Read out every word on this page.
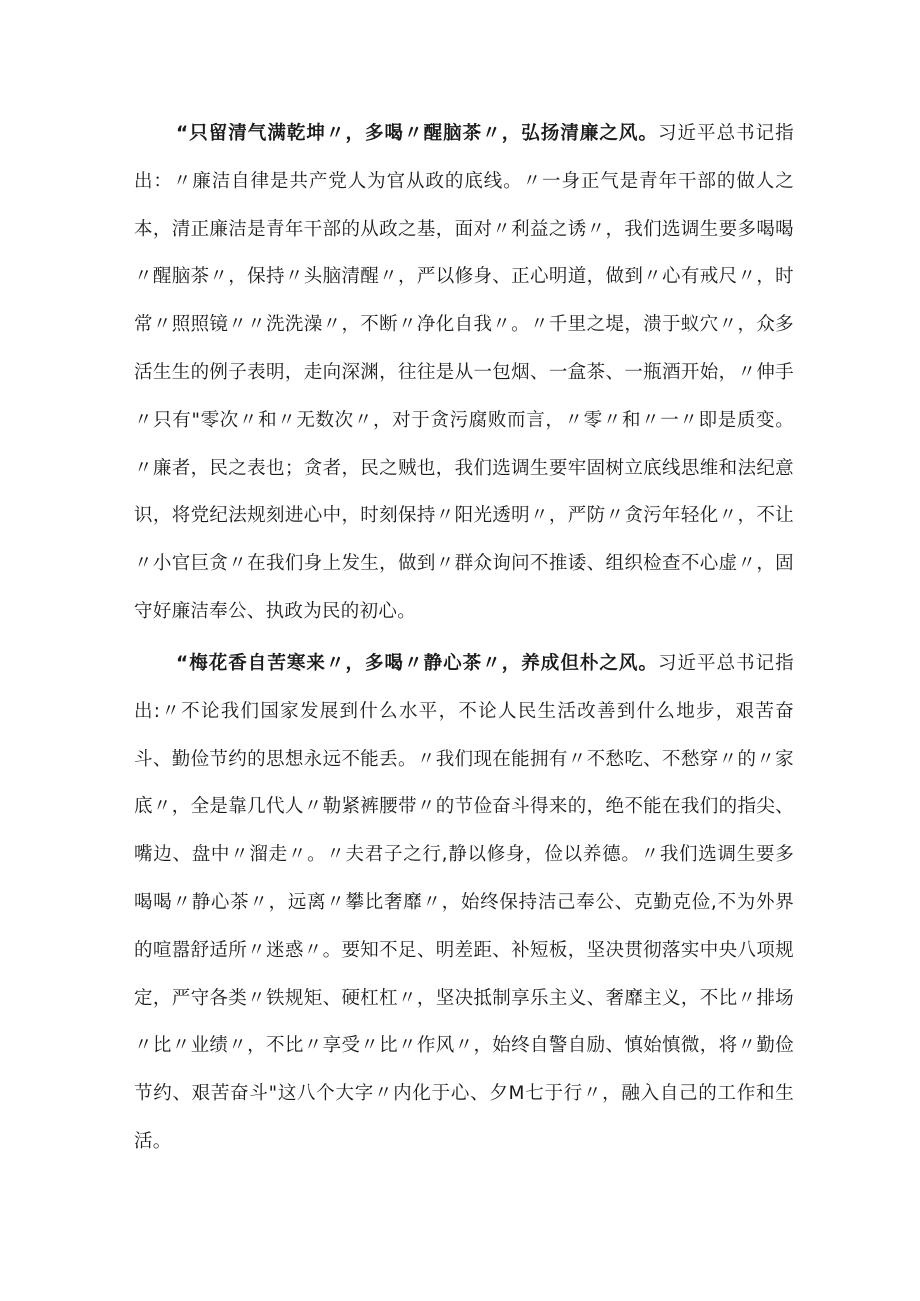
“只留清气满乾坤〃，多喝〃醒脑茶〃，弘扬清廉之风。习近平总书记指出：〃廉洁自律是共产党人为官从政的底线。〃一身正气是青年干部的做人之本，清正廉洁是青年干部的从政之基，面对〃利益之诱〃，我们选调生要多喝喝〃醒脑茶〃，保持〃头脑清醒〃，严以修身、正心明道，做到〃心有戒尺〃，时常〃照照镜〃〃洗洗澡〃，不断〃净化自我〃。〃千里之堤，溃于蚁穴〃，众多活生生的例子表明，走向深渊，往往是从一包烟、一盒茶、一瓶酒开始，〃伸手〃只有"零次〃和〃无数次〃，对于贪污腐败而言，〃零〃和〃一〃即是质变。〃廉者，民之表也；贪者，民之贼也，我们选调生要牢固树立底线思维和法纪意识，将党纪法规刻进心中，时刻保持〃阳光透明〃，严防〃贪污年轻化〃，不让〃小官巨贪〃在我们身上发生，做到〃群众询问不推诿、组织检查不心虚〃，固守好廉洁奉公、执政为民的初心。

“梅花香自苦寒来〃，多喝〃静心茶〃，养成但朴之风。习近平总书记指出:〃不论我们国家发展到什么水平，不论人民生活改善到什么地步，艰苦奋斗、勤俭节约的思想永远不能丢。〃我们现在能拥有〃不愁吃、不愁穿〃的〃家底〃，全是靠几代人〃勒紧裤腰带〃的节俭奋斗得来的，绝不能在我们的指尖、嘴边、盘中〃溜走〃。〃夫君子之行,静以修身，俭以养德。〃我们选调生要多喝喝〃静心茶〃，远离〃攀比奢靡〃，始终保持洁己奉公、克勤克俭,不为外界的喧嚣舒适所〃迷惑〃。要知不足、明差距、补短板，坚决贯彻落实中央八项规定，严守各类〃铁规矩、硬杠杠〃，坚决抵制享乐主义、奢靡主义，不比〃排场〃比〃业绩〃，不比〃享受〃比〃作风〃，始终自警自励、慎始慎微，将〃勤俭节约、艰苦奋斗"这八个大字〃内化于心、夕M七于行〃，融入自己的工作和生活。
